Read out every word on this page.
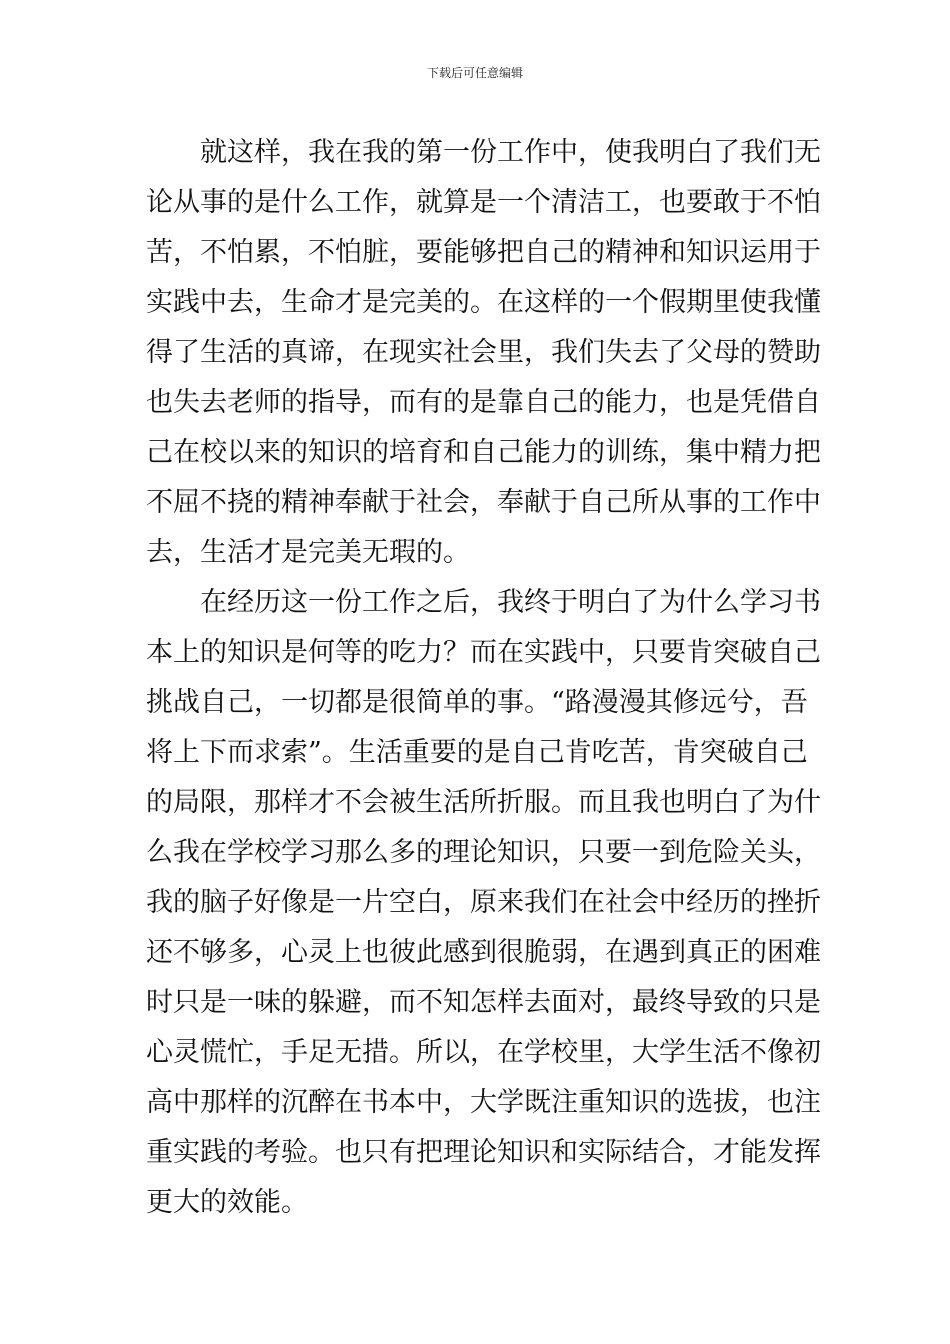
下载后可任意编辑
就这样，我在我的第一份工作中，使我明白了我们无
论从事的是什么工作，就算是一个清洁工，也要敢于不怕
苦，不怕累，不怕脏，要能够把自己的精神和知识运用于
实践中去，生命才是完美的。在这样的一个假期里使我懂
得了生活的真谛，在现实社会里，我们失去了父母的赞助
也失去老师的指导，而有的是靠自己的能力，也是凭借自
己在校以来的知识的培育和自己能力的训练，集中精力把
不屈不挠的精神奉献于社会，奉献于自己所从事的工作中
去，生活才是完美无瑕的。
在经历这一份工作之后，我终于明白了为什么学习书
本上的知识是何等的吃力？而在实践中，只要肯突破自己
挑战自己，一切都是很简单的事。“路漫漫其修远兮，吾
将上下而求索”。生活重要的是自己肯吃苦，肯突破自己
的局限，那样才不会被生活所折服。而且我也明白了为什
么我在学校学习那么多的理论知识，只要一到危险关头，
我的脑子好像是一片空白，原来我们在社会中经历的挫折
还不够多，心灵上也彼此感到很脆弱，在遇到真正的困难
时只是一味的躲避，而不知怎样去面对，最终导致的只是
心灵慌忙，手足无措。所以，在学校里，大学生活不像初
高中那样的沉醉在书本中，大学既注重知识的选拔，也注
重实践的考验。也只有把理论知识和实际结合，才能发挥
更大的效能。
